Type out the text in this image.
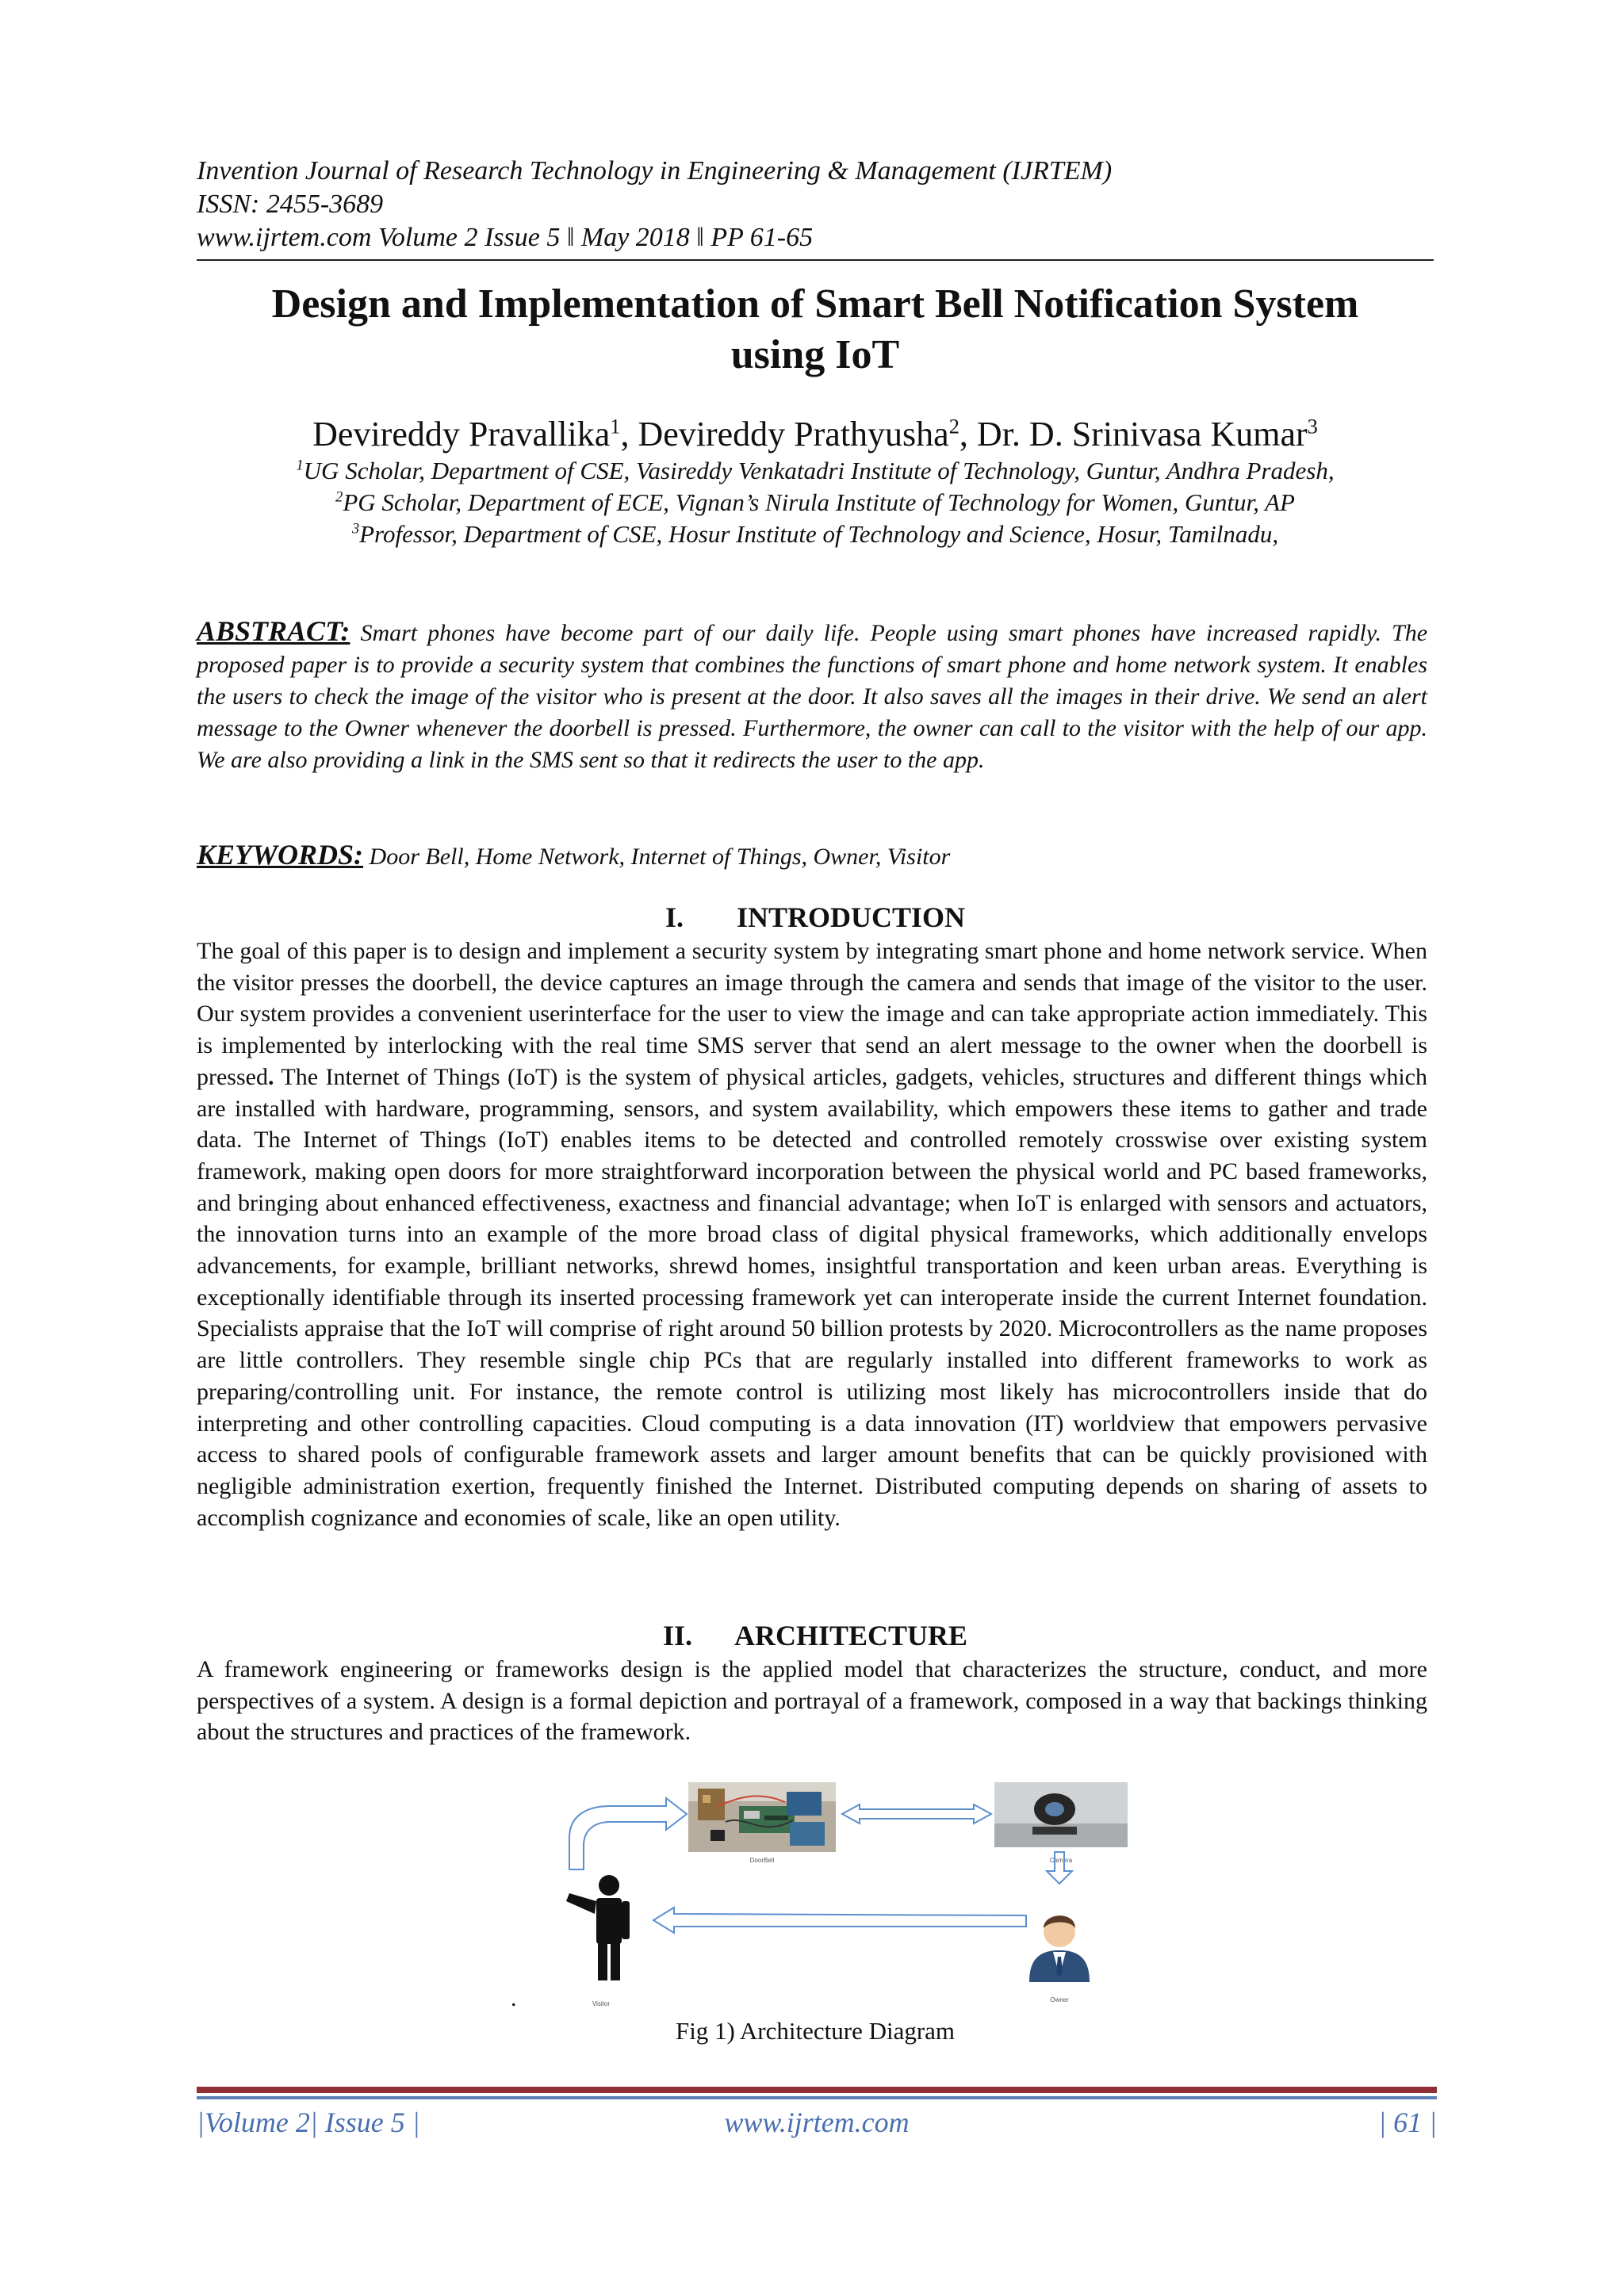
Invention Journal of Research Technology in Engineering & Management (IJRTEM)
ISSN: 2455-3689
www.ijrtem.com Volume 2 Issue 5 ǁ May 2018 ǁ PP 61-65
Design and Implementation of Smart Bell Notification System
using IoT
Devireddy Pravallika$^1$, Devireddy Prathyusha$^2$, Dr. D. Srinivasa Kumar$^3$
$^1$UG Scholar, Department of CSE, Vasireddy Venkatadri Institute of Technology, Guntur, Andhra Pradesh,
$^2$PG Scholar, Department of ECE, Vignan’s Nirula Institute of Technology for Women, Guntur, AP
$^3$Professor, Department of CSE, Hosur Institute of Technology and Science, Hosur, Tamilnadu,
ABSTRACT: Smart phones have become part of our daily life. People using smart phones have increased rapidly. The proposed paper is to provide a security system that combines the functions of smart phone and home network system. It enables the users to check the image of the visitor who is present at the door. It also saves all the images in their drive. We send an alert message to the Owner whenever the doorbell is pressed. Furthermore, the owner can call to the visitor with the help of our app. We are also providing a link in the SMS sent so that it redirects the user to the app.
KEYWORDS: Door Bell, Home Network, Internet of Things, Owner, Visitor
I. INTRODUCTION
The goal of this paper is to design and implement a security system by integrating smart phone and home network service. When the visitor presses the doorbell, the device captures an image through the camera and sends that image of the visitor to the user. Our system provides a convenient userinterface for the user to view the image and can take appropriate action immediately. This is implemented by interlocking with the real time SMS server that send an alert message to the owner when the doorbell is pressed. The Internet of Things (IoT) is the system of physical articles, gadgets, vehicles, structures and different things which are installed with hardware, programming, sensors, and system availability, which empowers these items to gather and trade data. The Internet of Things (IoT) enables items to be detected and controlled remotely crosswise over existing system framework, making open doors for more straightforward incorporation between the physical world and PC based frameworks, and bringing about enhanced effectiveness, exactness and financial advantage; when IoT is enlarged with sensors and actuators, the innovation turns into an example of the more broad class of digital physical frameworks, which additionally envelops advancements, for example, brilliant networks, shrewd homes, insightful transportation and keen urban areas. Everything is exceptionally identifiable through its inserted processing framework yet can interoperate inside the current Internet foundation. Specialists appraise that the IoT will comprise of right around 50 billion protests by 2020. Microcontrollers as the name proposes are little controllers. They resemble single chip PCs that are regularly installed into different frameworks to work as preparing/controlling unit. For instance, the remote control is utilizing most likely has microcontrollers inside that do interpreting and other controlling capacities. Cloud computing is a data innovation (IT) worldview that empowers pervasive access to shared pools of configurable framework assets and larger amount benefits that can be quickly provisioned with negligible administration exertion, frequently finished the Internet. Distributed computing depends on sharing of assets to accomplish cognizance and economies of scale, like an open utility.
II. ARCHITECTURE
A framework engineering or frameworks design is the applied model that characterizes the structure, conduct, and more perspectives of a system. A design is a formal depiction and portrayal of a framework, composed in a way that backings thinking about the structures and practices of the framework.
DoorBell	Camera
Visitor
Owner
.
Fig 1) Architecture Diagram
|Volume 2| Issue 5 |	www.ijrtem.com	| 61 |
